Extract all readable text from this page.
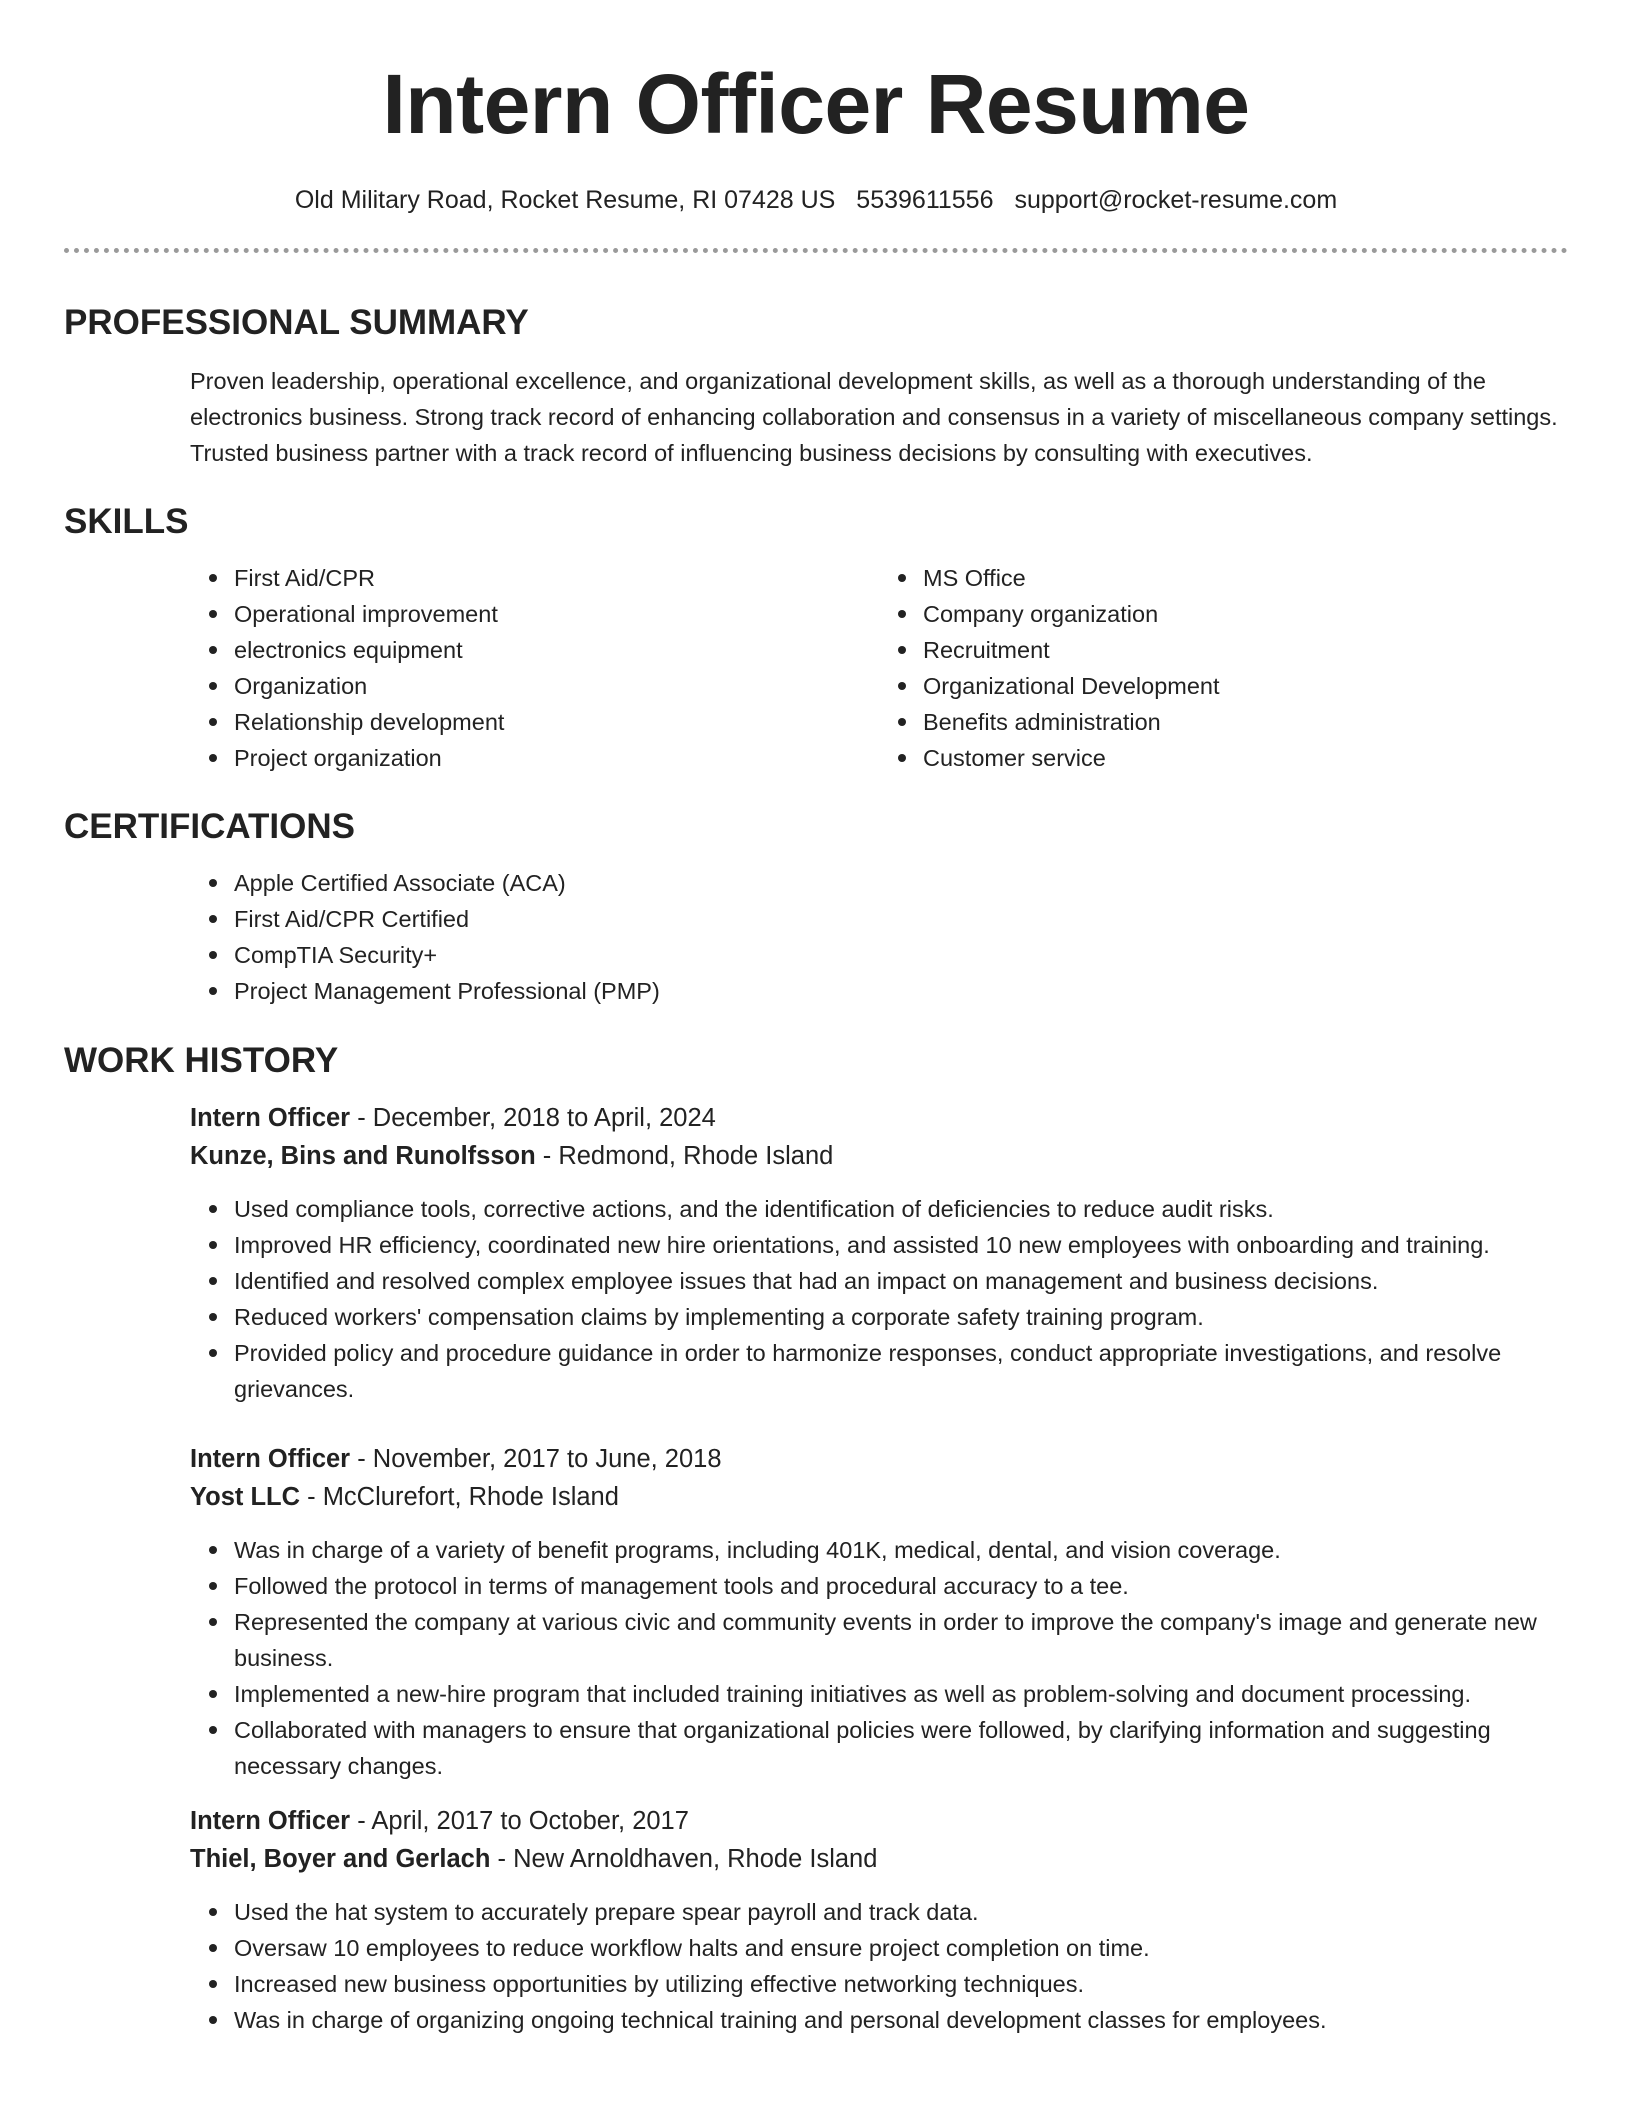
Intern Officer Resume
Old Military Road, Rocket Resume, RI 07428 US 5539611556 support@rocket-resume.com
PROFESSIONAL SUMMARY

Proven leadership, operational excellence, and organizational development skills, as well as a thorough understanding of the electronics business. Strong track record of enhancing collaboration and consensus in a variety of miscellaneous company settings. Trusted business partner with a track record of influencing business decisions by consulting with executives.

SKILLS
First Aid/CPR
Operational improvement
electronics equipment
Organization
Relationship development
Project organization
MS Office
Company organization
Recruitment
Organizational Development
Benefits administration
Customer service
CERTIFICATIONS
Apple Certified Associate (ACA)
First Aid/CPR Certified
CompTIA Security+
Project Management Professional (PMP)
WORK HISTORY
Intern Officer - December, 2018 to April, 2024
Kunze, Bins and Runolfsson - Redmond, Rhode Island
Used compliance tools, corrective actions, and the identification of deficiencies to reduce audit risks.
Improved HR efficiency, coordinated new hire orientations, and assisted 10 new employees with onboarding and training.
Identified and resolved complex employee issues that had an impact on management and business decisions.
Reduced workers' compensation claims by implementing a corporate safety training program.
Provided policy and procedure guidance in order to harmonize responses, conduct appropriate investigations, and resolve grievances.
Intern Officer - November, 2017 to June, 2018
Yost LLC - McClurefort, Rhode Island
Was in charge of a variety of benefit programs, including 401K, medical, dental, and vision coverage.
Followed the protocol in terms of management tools and procedural accuracy to a tee.
Represented the company at various civic and community events in order to improve the company's image and generate new business.
Implemented a new-hire program that included training initiatives as well as problem-solving and document processing.
Collaborated with managers to ensure that organizational policies were followed, by clarifying information and suggesting necessary changes.
Intern Officer - April, 2017 to October, 2017
Thiel, Boyer and Gerlach - New Arnoldhaven, Rhode Island
Used the hat system to accurately prepare spear payroll and track data.
Oversaw 10 employees to reduce workflow halts and ensure project completion on time.
Increased new business opportunities by utilizing effective networking techniques.
Was in charge of organizing ongoing technical training and personal development classes for employees.
